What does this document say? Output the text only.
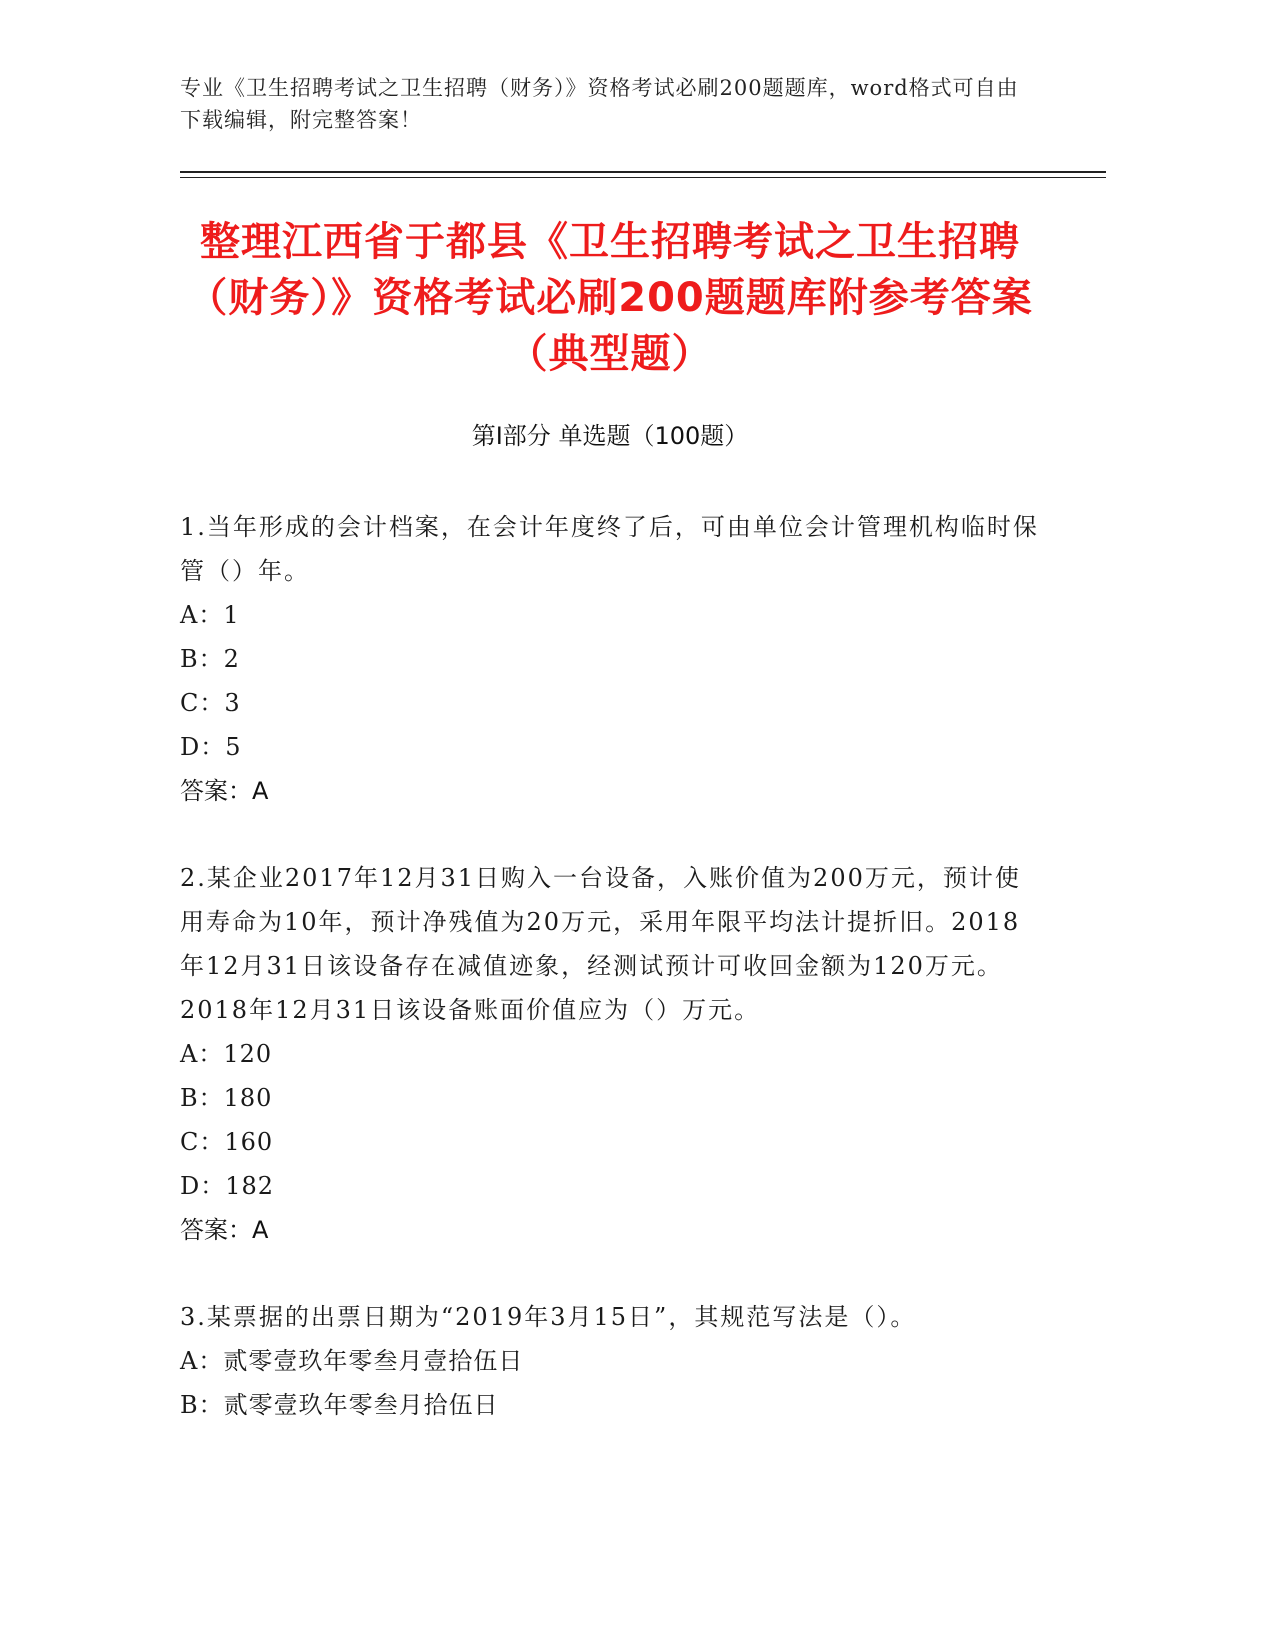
专业《卫生招聘考试之卫生招聘（财务）》资格考试必刷200题题库，word格式可自由下载编辑，附完整答案！
整理江西省于都县《卫生招聘考试之卫生招聘（财务）》资格考试必刷200题题库附参考答案（典型题）
第Ⅰ部分 单选题（100题）
1.当年形成的会计档案，在会计年度终了后，可由单位会计管理机构临时保管（）年。
A：1
B：2
C：3
D：5
答案：A
2.某企业2017年12月31日购入一台设备，入账价值为200万元，预计使用寿命为10年，预计净残值为20万元，采用年限平均法计提折旧。2018年12月31日该设备存在减值迹象，经测试预计可收回金额为120万元。2018年12月31日该设备账面价值应为（）万元。
A：120
B：180
C：160
D：182
答案：A
3.某票据的出票日期为“2019年3月15日”，其规范写法是（）。
A：贰零壹玖年零叁月壹拾伍日
B：贰零壹玖年零叁月拾伍日
